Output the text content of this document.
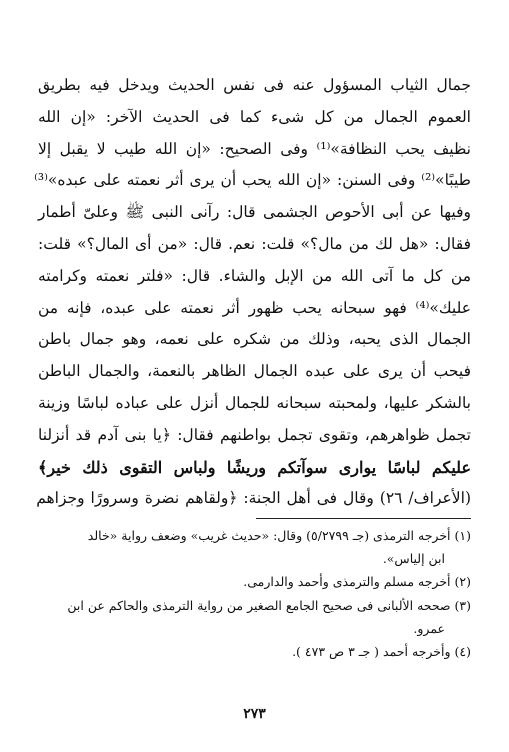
جمال الثياب المسؤول عنه فى نفس الحديث ويدخل فيه بطريق
العموم الجمال من كل شىء كما فى الحديث الآخر: «إن الله
نظيف يحب النظافة»⁽¹⁾ وفى الصحيح: «إن الله طيب لا يقبل إلا
طيبًا»⁽²⁾ وفى السنن: «إن الله يحب أن يرى أثر نعمته على عبده»⁽³⁾
وفيها عن أبى الأحوص الجشمى قال: رآنى النبى ﷺ وعلىّ أطمار
فقال: «هل لك من مال؟» قلت: نعم. قال: «من أى المال؟» قلت:
من كل ما آتى الله من الإبل والشاء. قال: «فلتر نعمته وكرامته
عليك»⁽⁴⁾ فهو سبحانه يحب ظهور أثر نعمته على عبده، فإنه من
الجمال الذى يحبه، وذلك من شكره على نعمه، وهو جمال باطن
فيحب أن يرى على عبده الجمال الظاهر بالنعمة، والجمال الباطن
بالشكر عليها، ولمحبته سبحانه للجمال أنزل على عباده لباسًا وزينة
تجمل ظواهرهم، وتقوى تجمل بواطنهم فقال: ﴿يا بنى آدم قد أنزلنا
عليكم لباسًا يوارى سوآتكم وريشًا ولباس التقوى ذلك خير﴾
(الأعراف/ ٢٦) وقال فى أهل الجنة: ﴿ولقاهم نضرة وسرورًا وجزاهم
(١) أخرجه الترمذى (جـ ٥/٢٧٩٩) وقال: «حديث غريب» وضعف رواية «خالد
ابن إلياس».
(٢) أخرجه مسلم والترمذى وأحمد والدارمى.
(٣) صححه الألبانى فى صحيح الجامع الصغير من رواية الترمذى والحاكم عن ابن
عمرو.
(٤) وأخرجه أحمد ( جـ ٣ ص ٤٧٣ ).
٢٧٣
